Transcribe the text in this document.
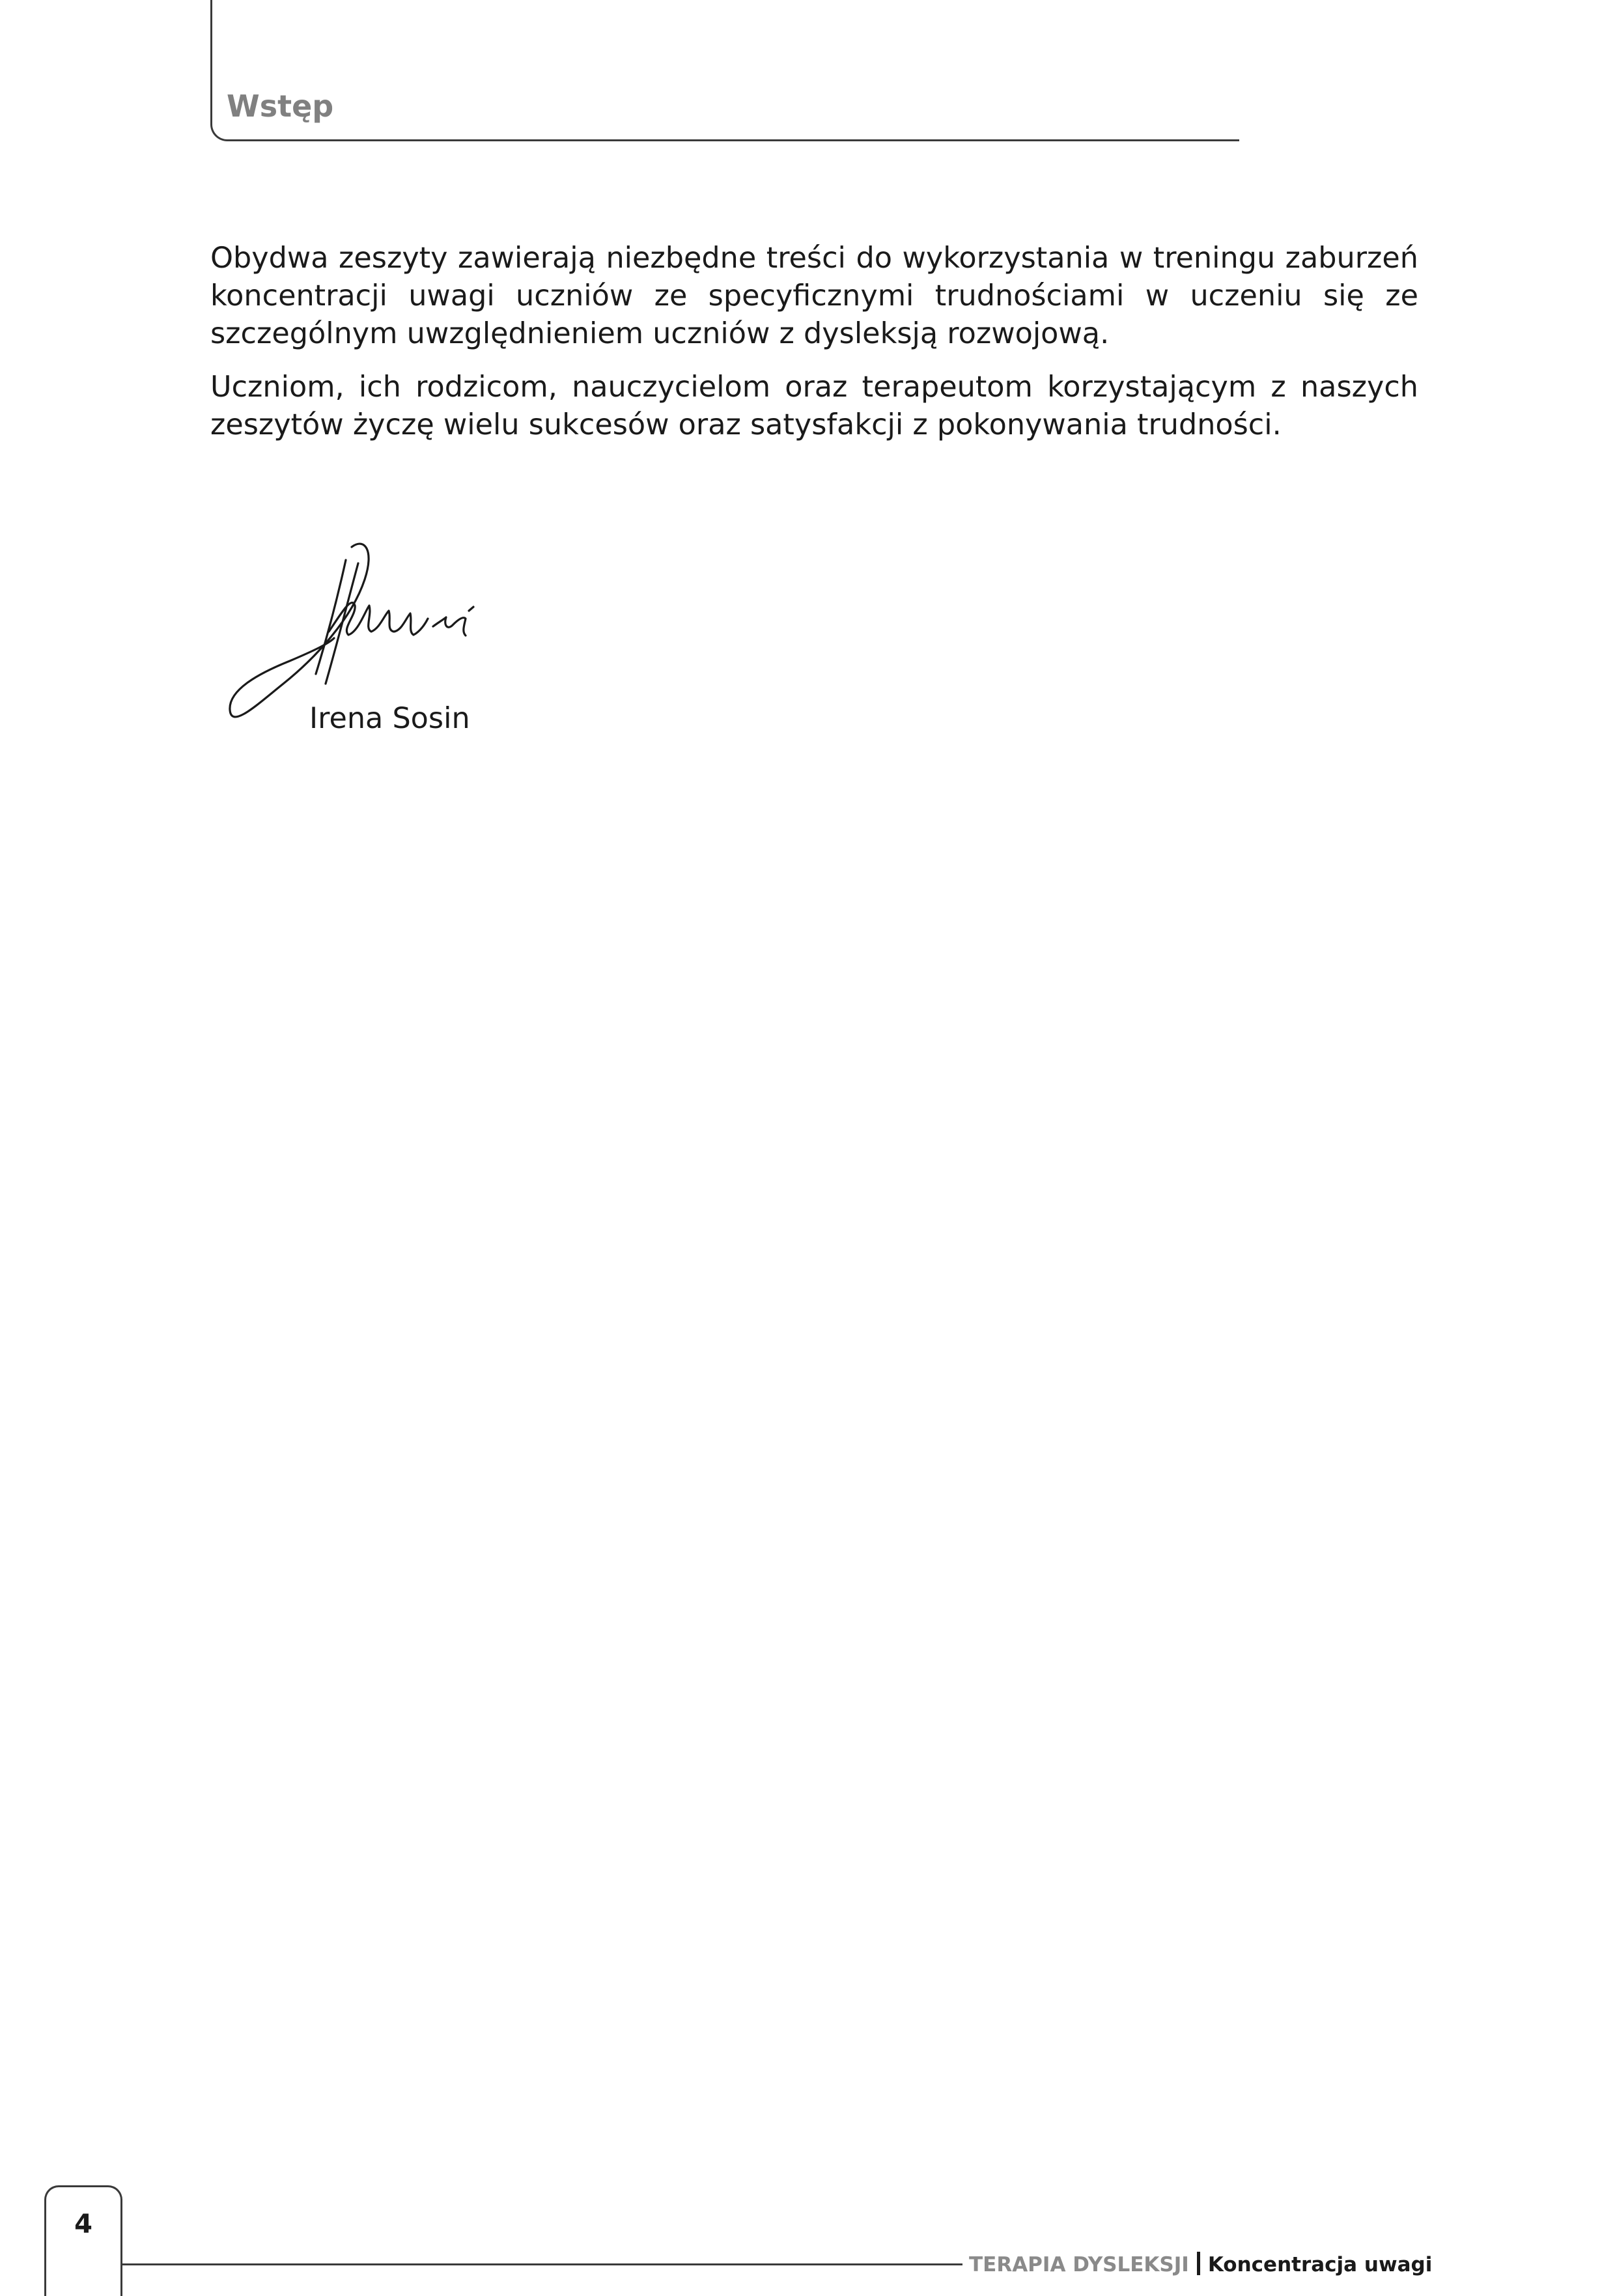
Wstęp

Obydwa zeszyty zawierają niezbędne treści do wykorzystania w treningu zaburzeń koncentracji uwagi uczniów ze specyficznymi trudnościami w uczeniu się ze szczególnym uwzględnieniem uczniów z dysleksją rozwojową.

Uczniom, ich rodzicom, nauczycielom oraz terapeutom korzystającym z naszych zeszytów życzę wielu sukcesów oraz satysfakcji z pokonywania trudności.

Irena Sosin
4
TERAPIA DYSLEKSJI Koncentracja uwagi
